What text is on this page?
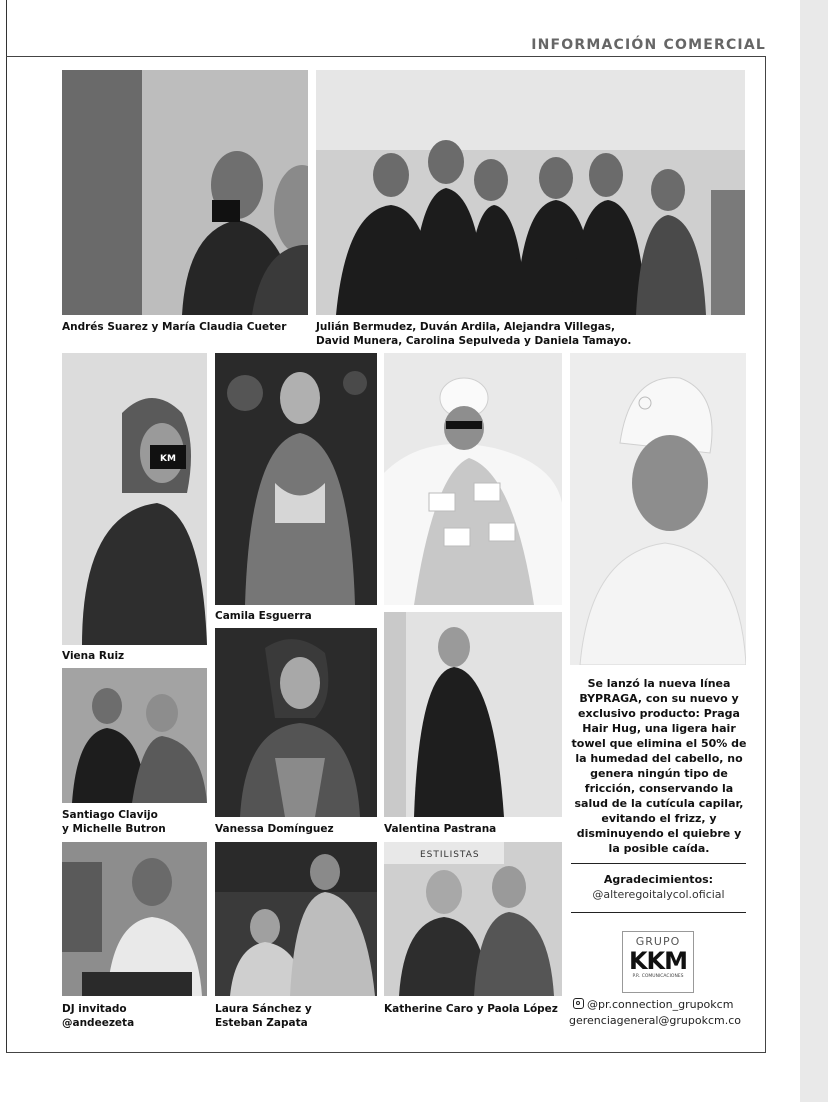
INFORMACIÓN COMERCIAL
Andrés Suarez y María Claudia Cueter	Julián Bermudez, Duván Ardila, Alejandra Villegas,
David Munera, Carolina Sepulveda y Daniela Tamayo.
KM
Viena Ruiz
Camila Esguerra
Santiago Clavijo
y Michelle Butron	Vanessa Domínguez	Valentina Pastrana
DJ invitado
@andeezeta
Laura Sánchez y
Esteban Zapata
ESTILISTAS
Katherine Caro y Paola López
Se lanzó la nueva línea BYPRAGA, con su nuevo y exclusivo producto: Praga Hair Hug, una ligera hair towel que elimina el 50% de la humedad del cabello, no genera ningún tipo de fricción, conservando la salud de la cutícula capilar, evitando el frizz, y disminuyendo el quiebre y la posible caída.
Agradecimientos:
@alteregoitalycol.oficial
GRUPO
KKM
P.R. COMUNICACIONES
@pr.connection_grupokcm
gerenciageneral@grupokcm.co
